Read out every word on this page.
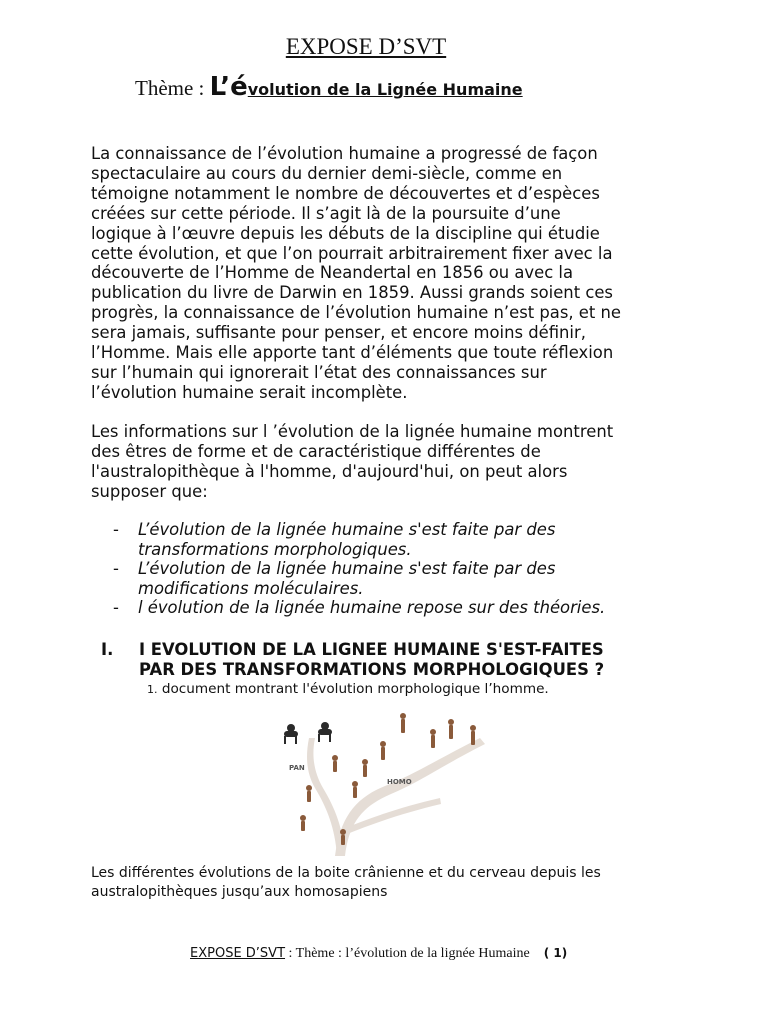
EXPOSE D’SVT
Thème : L’évolution de la Lignée Humaine
La connaissance de l’évolution humaine a progressé de façon
spectaculaire au cours du dernier demi-siècle, comme en
témoigne notamment le nombre de découvertes et d’espèces
créées sur cette période. Il s’agit là de la poursuite d’une
logique à l’œuvre depuis les débuts de la discipline qui étudie
cette évolution, et que l’on pourrait arbitrairement fixer avec la
découverte de l’Homme de Neandertal en 1856 ou avec la
publication du livre de Darwin en 1859. Aussi grands soient ces
progrès, la connaissance de l’évolution humaine n’est pas, et ne
sera jamais, suffisante pour penser, et encore moins définir,
l’Homme. Mais elle apporte tant d’éléments que toute réflexion
sur l’humain qui ignorerait l’état des connaissances sur
l’évolution humaine serait incomplète.
Les informations sur l ’évolution de la lignée humaine montrent
des êtres de forme et de caractéristique différentes de
l'australopithèque à l'homme, d'aujourd'hui, on peut alors
supposer que:
- L’évolution de la lignée humaine s'est faite par des
transformations morphologiques.
- L’évolution de la lignée humaine s'est faite par des
modifications moléculaires.
- l évolution de la lignée humaine repose sur des théories.
I. I EVOLUTION DE LA LIGNEE HUMAINE S'EST-FAITES
PAR DES TRANSFORMATIONS MORPHOLOGIQUES ?
1. document montrant l'évolution morphologique l’homme.
PAN
HOMO
Les différentes évolutions de la boite crânienne et du cerveau depuis les
australopithèques jusqu’aux homosapiens
EXPOSE D’SVT : Thème : l’évolution de la lignée Humaine ( 1)
